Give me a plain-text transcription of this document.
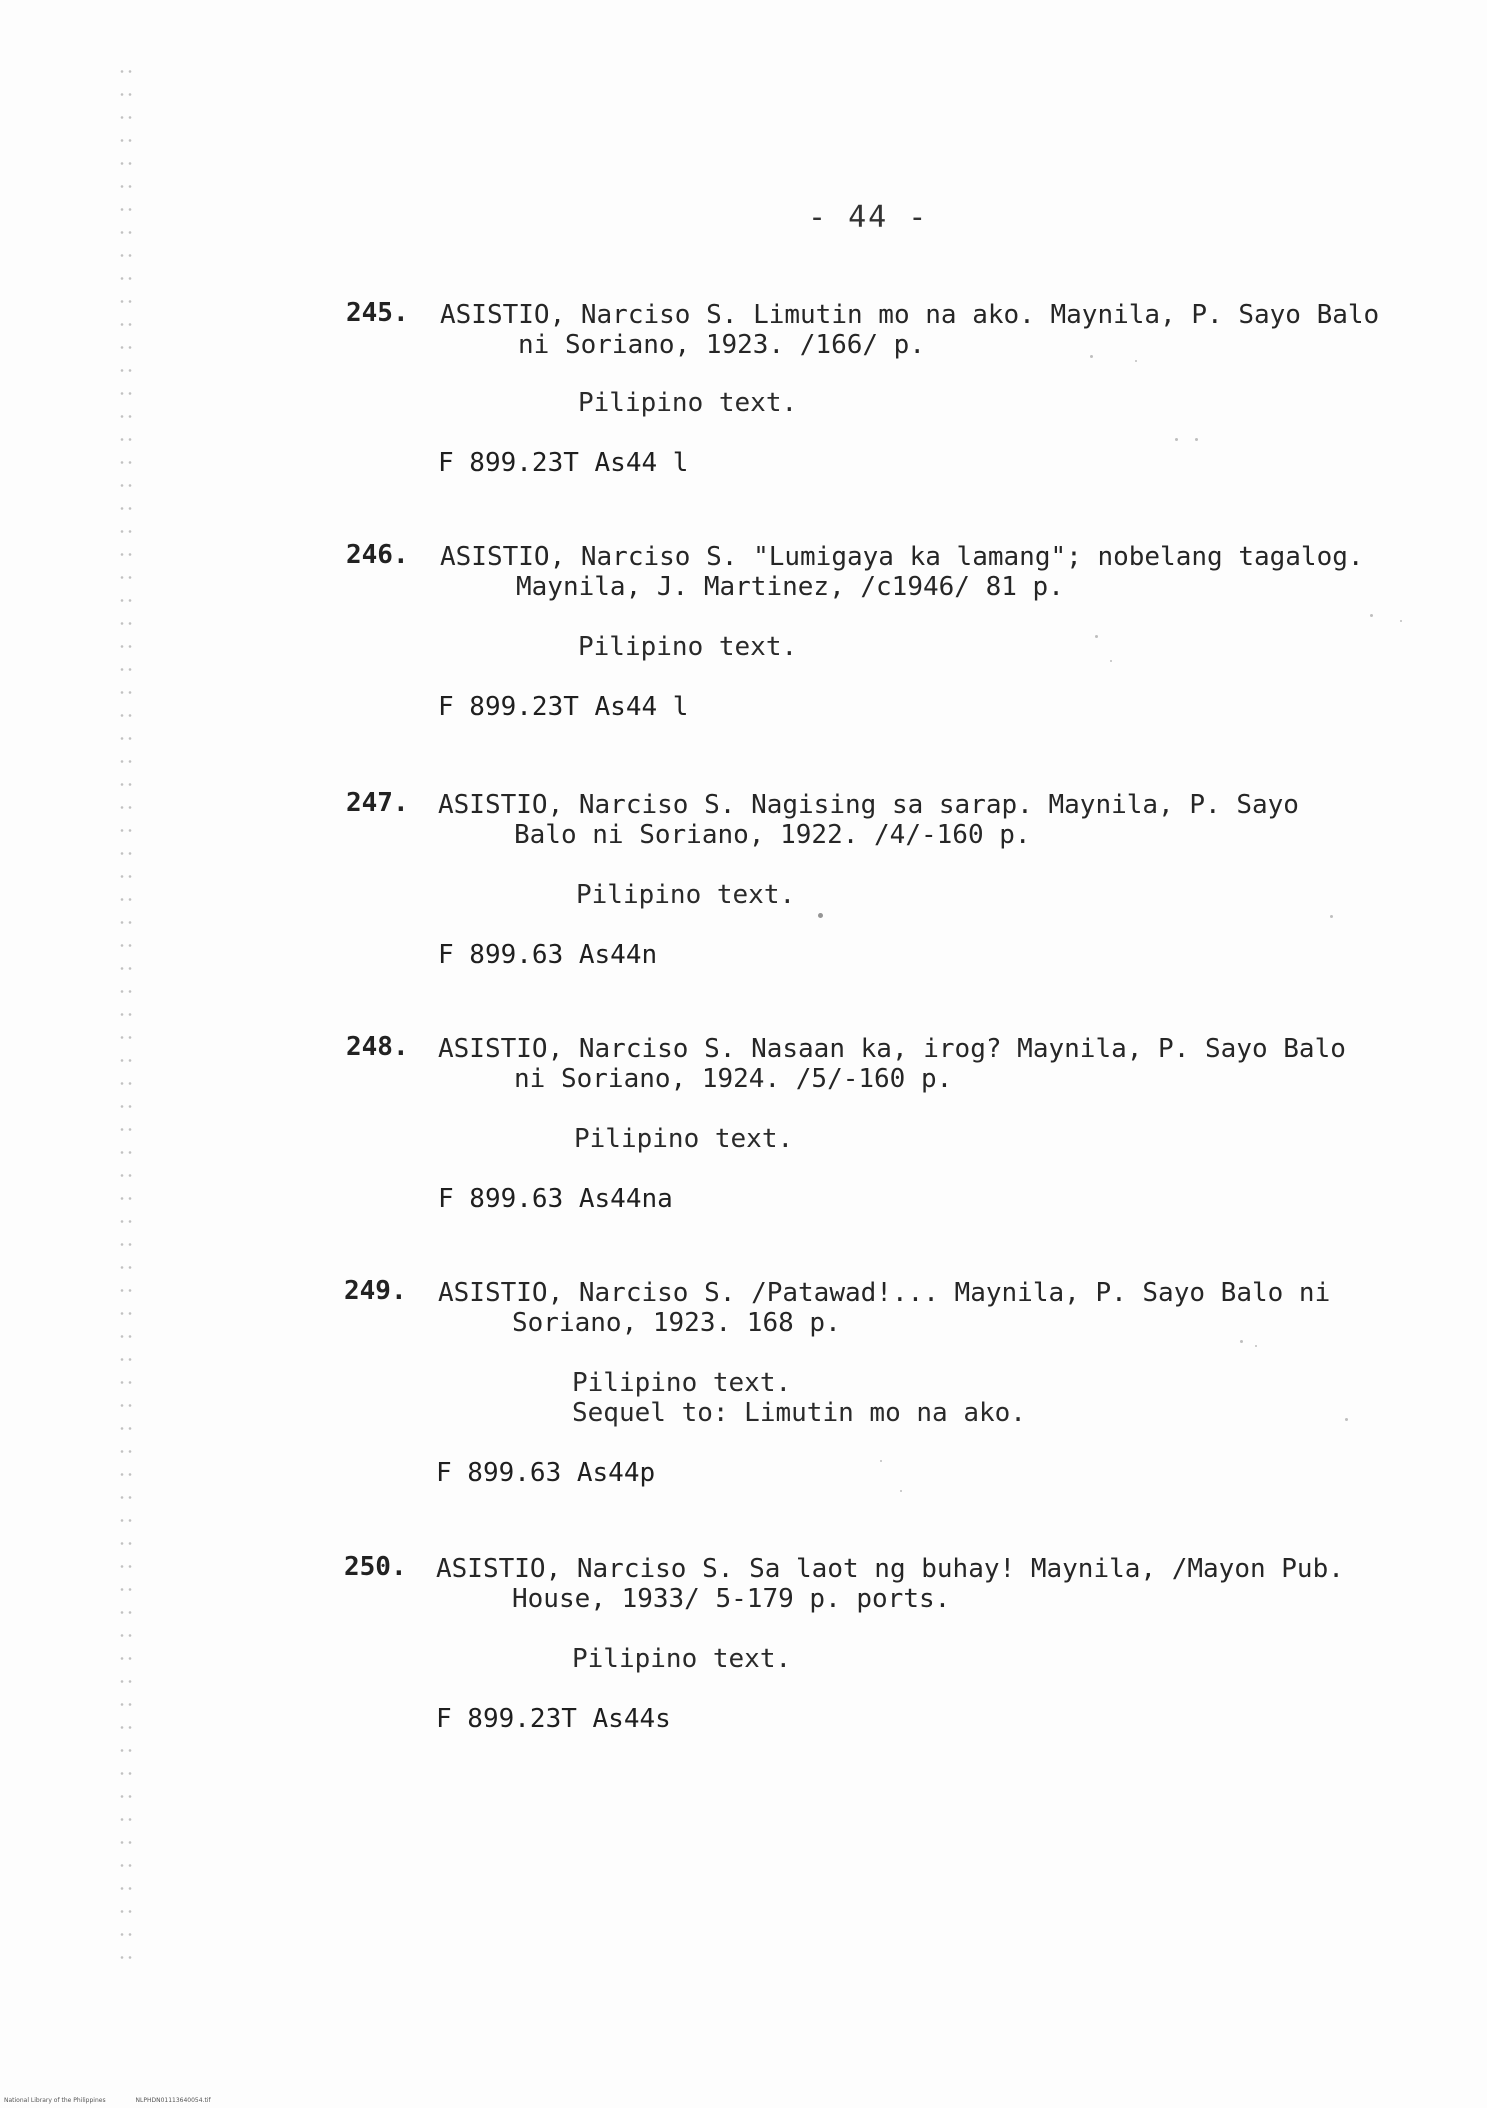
- 44 -
245. ASISTIO, Narciso S. Limutin mo na ako. Maynila, P. Sayo Balo
ni Soriano, 1923. /166/ p.
Pilipino text.
F 899.23T As44 l
246. ASISTIO, Narciso S. "Lumigaya ka lamang"; nobelang tagalog.
Maynila, J. Martinez, /c1946/ 81 p.
Pilipino text.
F 899.23T As44 l
247. ASISTIO, Narciso S. Nagising sa sarap. Maynila, P. Sayo
Balo ni Soriano, 1922. /4/-160 p.
Pilipino text.
F 899.63 As44n
248. ASISTIO, Narciso S. Nasaan ka, irog? Maynila, P. Sayo Balo
ni Soriano, 1924. /5/-160 p.
Pilipino text.
F 899.63 As44na
249. ASISTIO, Narciso S. /Patawad!... Maynila, P. Sayo Balo ni
Soriano, 1923. 168 p.
Pilipino text.
Sequel to: Limutin mo na ako.
F 899.63 As44p
250. ASISTIO, Narciso S. Sa laot ng buhay! Maynila, /Mayon Pub.
House, 1933/ 5-179 p. ports.
Pilipino text.
F 899.23T As44s
National Library of the Philippines	NLPHDN01113640054.tif
